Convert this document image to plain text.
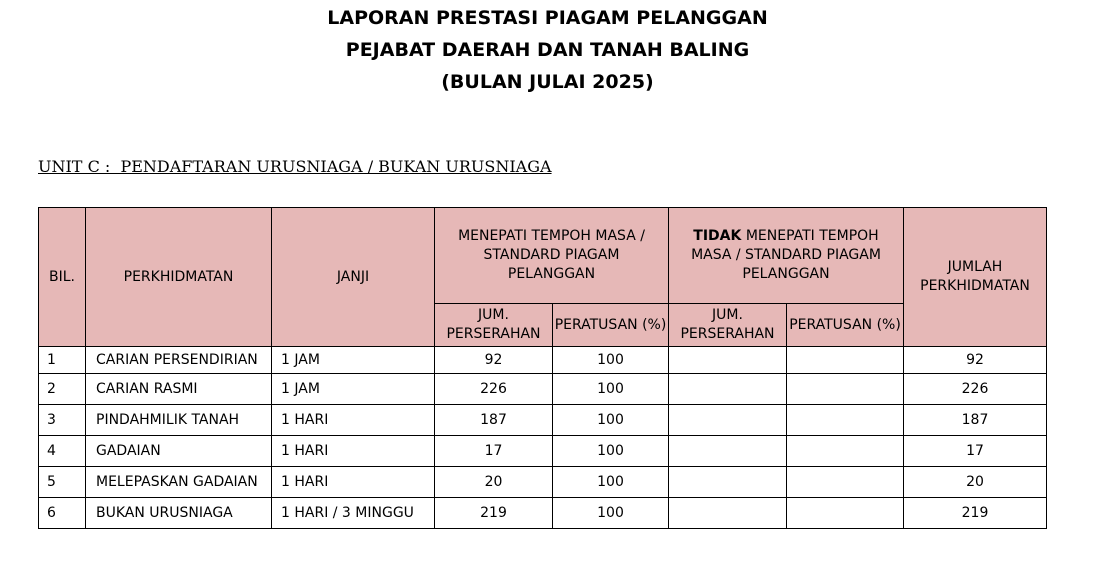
LAPORAN PRESTASI PIAGAM PELANGGAN
PEJABAT DAERAH DAN TANAH BALING
(BULAN JULAI 2025)
UNIT C :  PENDAFTARAN URUSNIAGA / BUKAN URUSNIAGA
BIL.	PERKHIDMATAN	JANJI	MENEPATI TEMPOH MASA / STANDARD PIAGAM PELANGGAN		TIDAK MENEPATI TEMPOH MASA / STANDARD PIAGAM PELANGGAN		JUMLAH PERKHIDMATAN
			JUM. PERSERAHAN	PERATUSAN (%)	JUM. PERSERAHAN	PERATUSAN (%)	
1	CARIAN PERSENDIRIAN	1 JAM	92	100			92
2	CARIAN RASMI	1 JAM	226	100			226
3	PINDAHMILIK TANAH	1 HARI	187	100			187
4	GADAIAN	1 HARI	17	100			17
5	MELEPASKAN GADAIAN	1 HARI	20	100			20
6	BUKAN URUSNIAGA	1 HARI / 3 MINGGU	219	100			219
